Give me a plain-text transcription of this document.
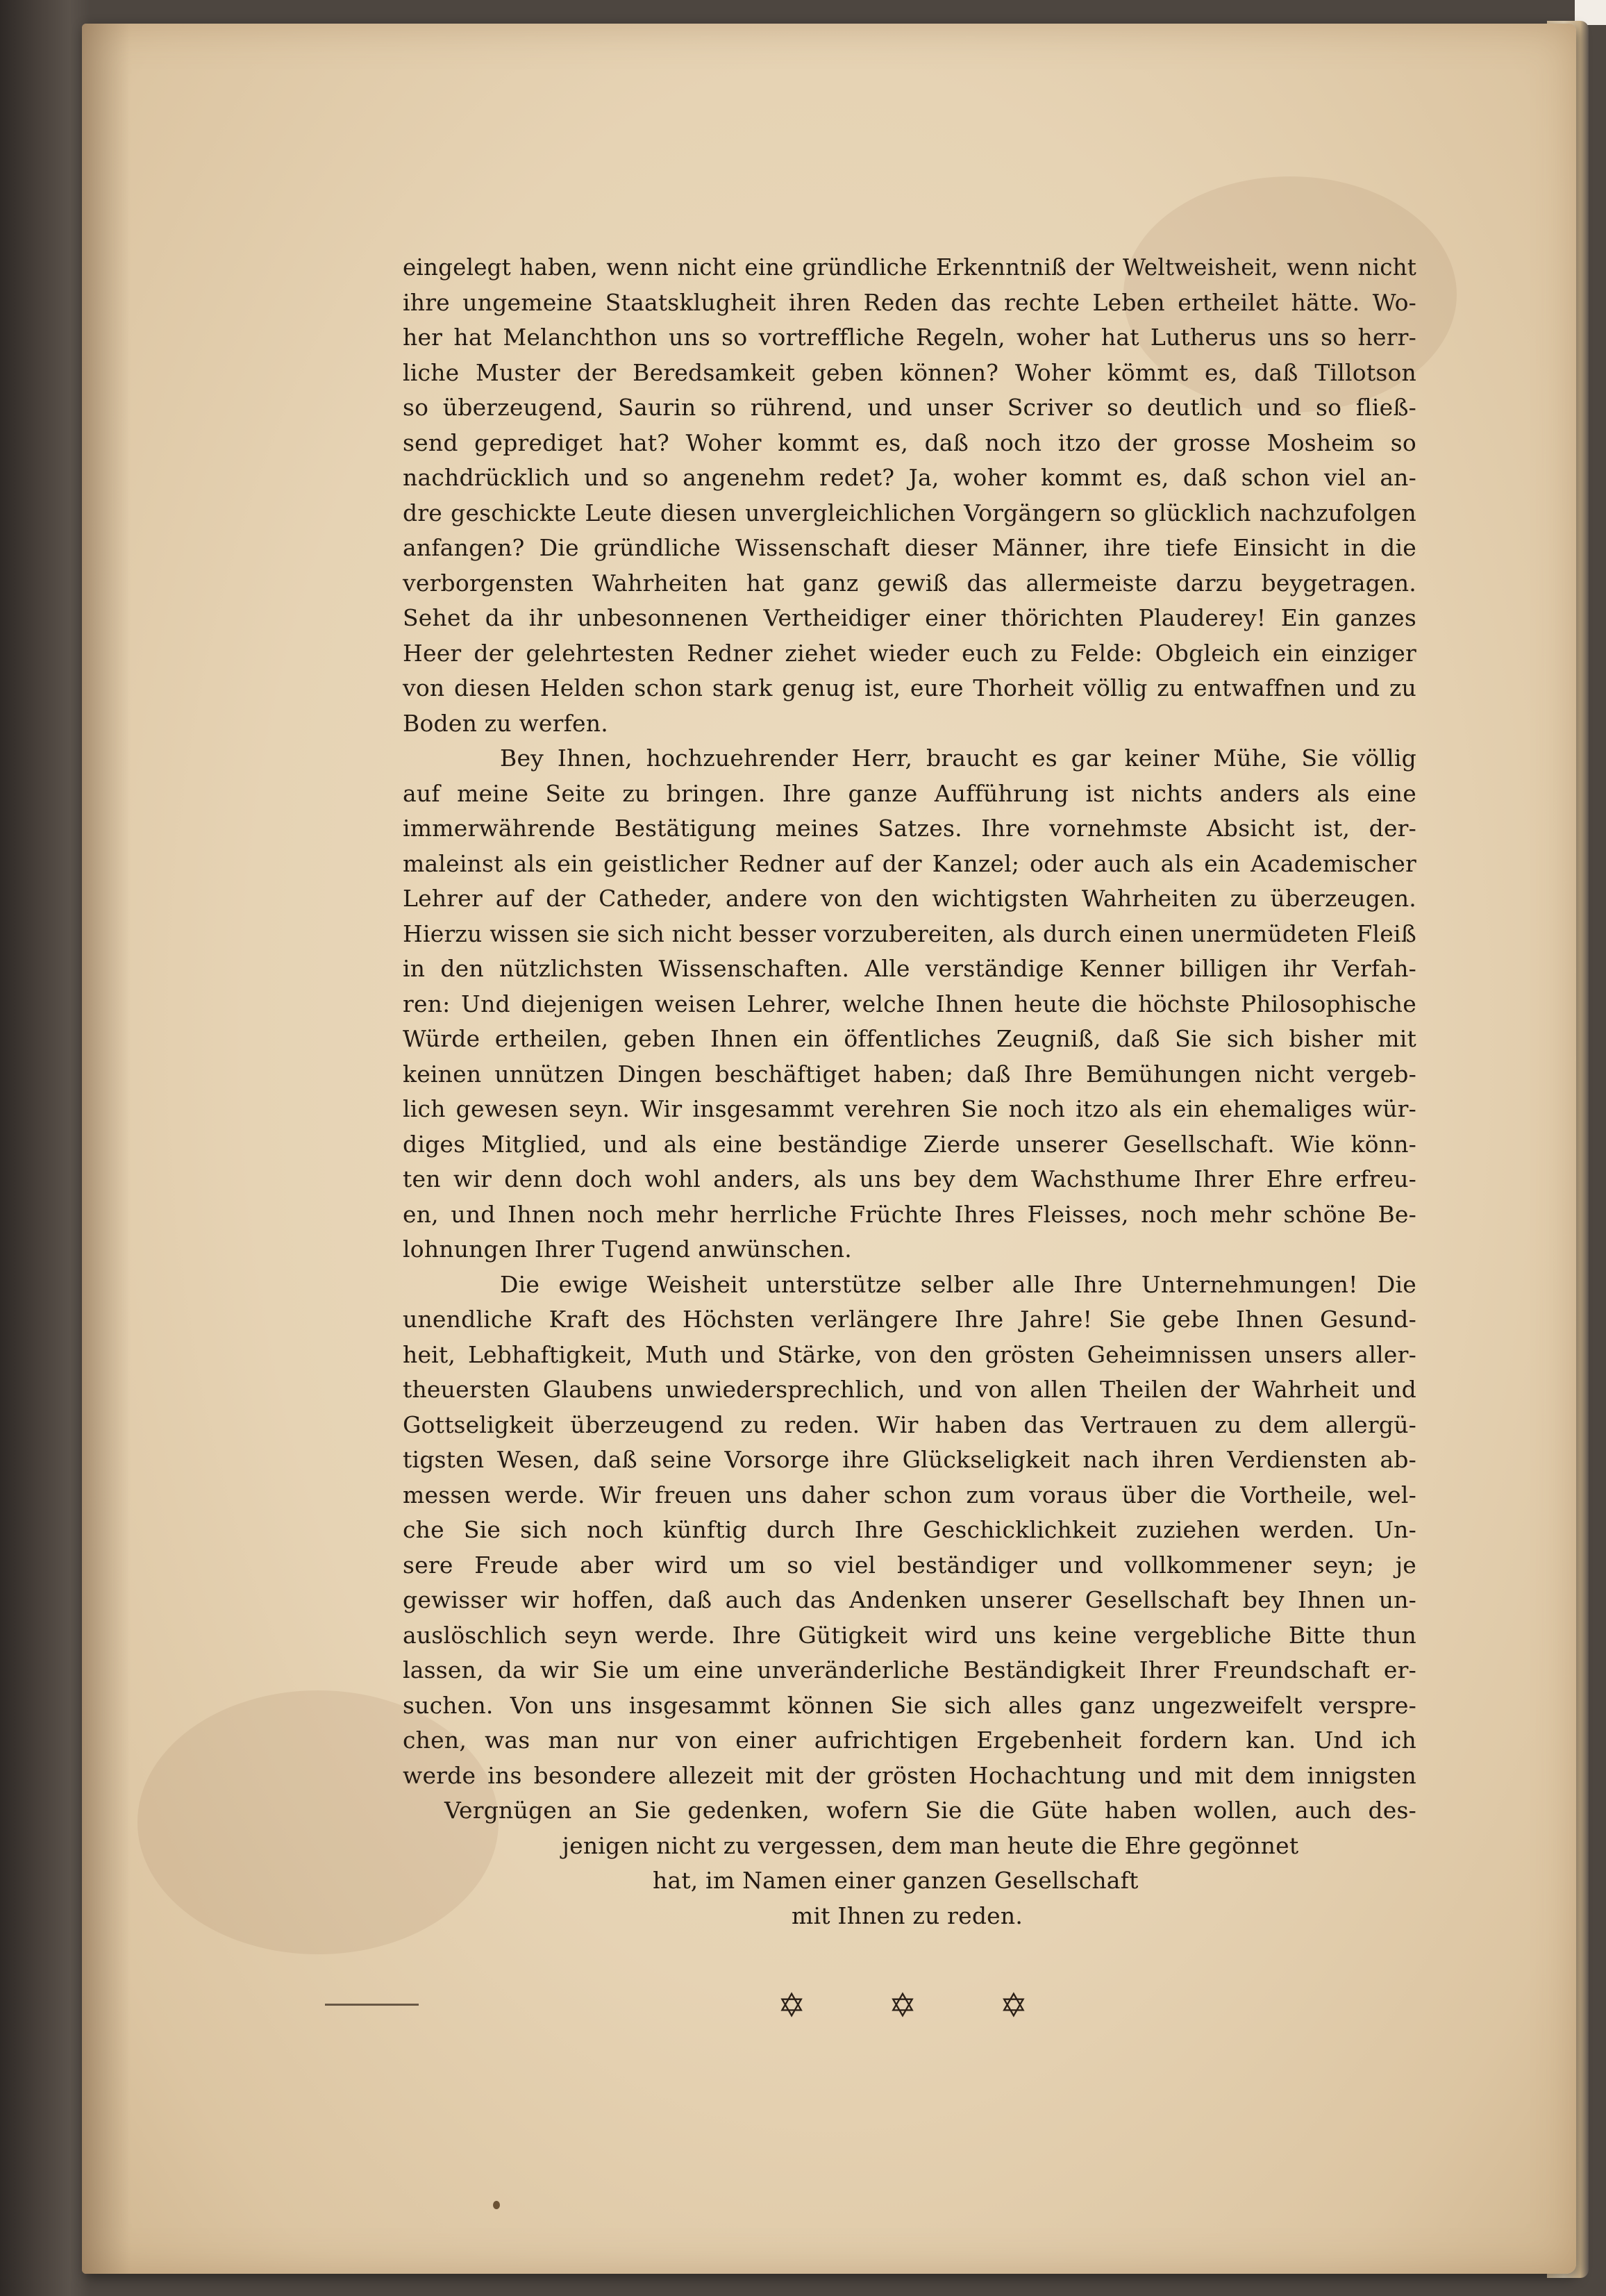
eingelegt haben, wenn nicht eine gründliche Erkenntniß der Weltweisheit, wenn nicht
ihre ungemeine Staatsklugheit ihren Reden das rechte Leben ertheilet hätte. Wo-
her hat Melanchthon uns so vortreffliche Regeln, woher hat Lutherus uns so herr-
liche Muster der Beredsamkeit geben können? Woher kömmt es, daß Tillotson
so überzeugend, Saurin so rührend, und unser Scriver so deutlich und so fließ-
send geprediget hat? Woher kommt es, daß noch itzo der grosse Mosheim so
nachdrücklich und so angenehm redet? Ja, woher kommt es, daß schon viel an-
dre geschickte Leute diesen unvergleichlichen Vorgängern so glücklich nachzufolgen
anfangen? Die gründliche Wissenschaft dieser Männer, ihre tiefe Einsicht in die
verborgensten Wahrheiten hat ganz gewiß das allermeiste darzu beygetragen.
Sehet da ihr unbesonnenen Vertheidiger einer thörichten Plauderey! Ein ganzes
Heer der gelehrtesten Redner ziehet wieder euch zu Felde: Obgleich ein einziger
von diesen Helden schon stark genug ist, eure Thorheit völlig zu entwaffnen und zu
Boden zu werfen.
Bey Ihnen, hochzuehrender Herr, braucht es gar keiner Mühe, Sie völlig
auf meine Seite zu bringen. Ihre ganze Aufführung ist nichts anders als eine
immerwährende Bestätigung meines Satzes. Ihre vornehmste Absicht ist, der-
maleinst als ein geistlicher Redner auf der Kanzel; oder auch als ein Academischer
Lehrer auf der Catheder, andere von den wichtigsten Wahrheiten zu überzeugen.
Hierzu wissen sie sich nicht besser vorzubereiten, als durch einen unermüdeten Fleiß
in den nützlichsten Wissenschaften. Alle verständige Kenner billigen ihr Verfah-
ren: Und diejenigen weisen Lehrer, welche Ihnen heute die höchste Philosophische
Würde ertheilen, geben Ihnen ein öffentliches Zeugniß, daß Sie sich bisher mit
keinen unnützen Dingen beschäftiget haben; daß Ihre Bemühungen nicht vergeb-
lich gewesen seyn. Wir insgesammt verehren Sie noch itzo als ein ehemaliges wür-
diges Mitglied, und als eine beständige Zierde unserer Gesellschaft. Wie könn-
ten wir denn doch wohl anders, als uns bey dem Wachsthume Ihrer Ehre erfreu-
en, und Ihnen noch mehr herrliche Früchte Ihres Fleisses, noch mehr schöne Be-
lohnungen Ihrer Tugend anwünschen.
Die ewige Weisheit unterstütze selber alle Ihre Unternehmungen! Die
unendliche Kraft des Höchsten verlängere Ihre Jahre! Sie gebe Ihnen Gesund-
heit, Lebhaftigkeit, Muth und Stärke, von den grösten Geheimnissen unsers aller-
theuersten Glaubens unwiedersprechlich, und von allen Theilen der Wahrheit und
Gottseligkeit überzeugend zu reden. Wir haben das Vertrauen zu dem allergü-
tigsten Wesen, daß seine Vorsorge ihre Glückseligkeit nach ihren Verdiensten ab-
messen werde. Wir freuen uns daher schon zum voraus über die Vortheile, wel-
che Sie sich noch künftig durch Ihre Geschicklichkeit zuziehen werden. Un-
sere Freude aber wird um so viel beständiger und vollkommener seyn; je
gewisser wir hoffen, daß auch das Andenken unserer Gesellschaft bey Ihnen un-
auslöschlich seyn werde. Ihre Gütigkeit wird uns keine vergebliche Bitte thun
lassen, da wir Sie um eine unveränderliche Beständigkeit Ihrer Freundschaft er-
suchen. Von uns insgesammt können Sie sich alles ganz ungezweifelt verspre-
chen, was man nur von einer aufrichtigen Ergebenheit fordern kan. Und ich
werde ins besondere allezeit mit der grösten Hochachtung und mit dem innigsten
Vergnügen an Sie gedenken, wofern Sie die Güte haben wollen, auch des-
jenigen nicht zu vergessen, dem man heute die Ehre gegönnet
hat, im Namen einer ganzen Gesellschaft
mit Ihnen zu reden.
✡ ✡ ✡
